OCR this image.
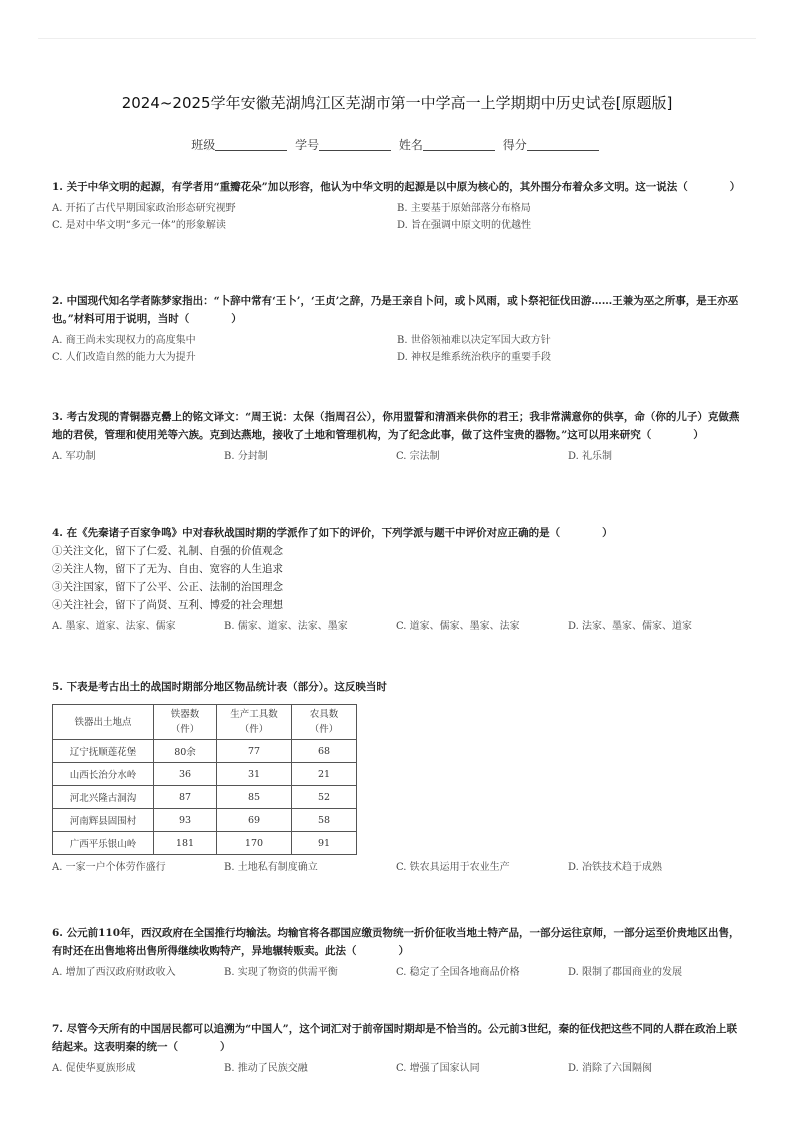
2024~2025学年安徽芜湖鸠江区芜湖市第一中学高一上学期期中历史试卷[原题版]
班级	学号	姓名	得分
1. 关于中华文明的起源，有学者用“重瓣花朵”加以形容，他认为中华文明的起源是以中原为核心的，其外围分布着众多文明。这一说法（　　　　）
A. 开拓了古代早期国家政治形态研究视野	B. 主要基于原始部落分布格局
C. 是对中华文明“多元一体”的形象解读	D. 旨在强调中原文明的优越性
2. 中国现代知名学者陈梦家指出：“卜辞中常有‘王卜’，‘王贞’之辞，乃是王亲自卜问，或卜风雨，或卜祭祀征伐田游……王兼为巫之所事，是王亦巫也。”材料可用于说明，当时（　　　　）
A. 商王尚未实现权力的高度集中	B. 世俗领袖难以决定军国大政方针
C. 人们改造自然的能力大为提升	D. 神权是维系统治秩序的重要手段
3. 考古发现的青铜器克罍上的铭文译文：“周王说：太保（指周召公），你用盟誓和清酒来供你的君王；我非常满意你的供享，命（你的儿子）克做燕地的君侯，管理和使用羌等六族。克到达燕地，接收了土地和管理机构，为了纪念此事，做了这件宝贵的器物。”这可以用来研究（　　　　）
A. 军功制	B. 分封制	C. 宗法制	D. 礼乐制
4. 在《先秦诸子百家争鸣》中对春秋战国时期的学派作了如下的评价，下列学派与题干中评价对应正确的是（　　　　）
①关注文化，留下了仁爱、礼制、自强的价值观念
②关注人物，留下了无为、自由、宽容的人生追求
③关注国家，留下了公平、公正、法制的治国理念
④关注社会，留下了尚贤、互利、博爱的社会理想
A. 墨家、道家、法家、儒家	B. 儒家、道家、法家、墨家	C. 道家、儒家、墨家、法家	D. 法家、墨家、儒家、道家
5. 下表是考古出土的战国时期部分地区物品统计表（部分）。这反映当时
铁器出土地点	铁器数（件）	生产工具数（件）	农具数（件）
辽宁抚顺莲花堡	80余	77	68
山西长治分水岭	36	31	21
河北兴隆古洞沟	87	85	52
河南辉县固围村	93	69	58
广西平乐银山岭	181	170	91
A. 一家一户个体劳作盛行	B. 土地私有制度确立	C. 铁农具运用于农业生产	D. 冶铁技术趋于成熟
6. 公元前110年，西汉政府在全国推行均输法。均输官将各郡国应缴贡物统一折价征收当地土特产品，一部分运往京师，一部分运至价贵地区出售，有时还在出售地将出售所得继续收购特产，异地辗转贩卖。此法（　　　　）
A. 增加了西汉政府财政收入	B. 实现了物资的供需平衡	C. 稳定了全国各地商品价格	D. 限制了郡国商业的发展
7. 尽管今天所有的中国居民都可以追溯为“中国人”，这个词汇对于前帝国时期却是不恰当的。公元前3世纪，秦的征伐把这些不同的人群在政治上联结起来。这表明秦的统一（　　　　）
A. 促使华夏族形成	B. 推动了民族交融	C. 增强了国家认同	D. 消除了六国隔阂
